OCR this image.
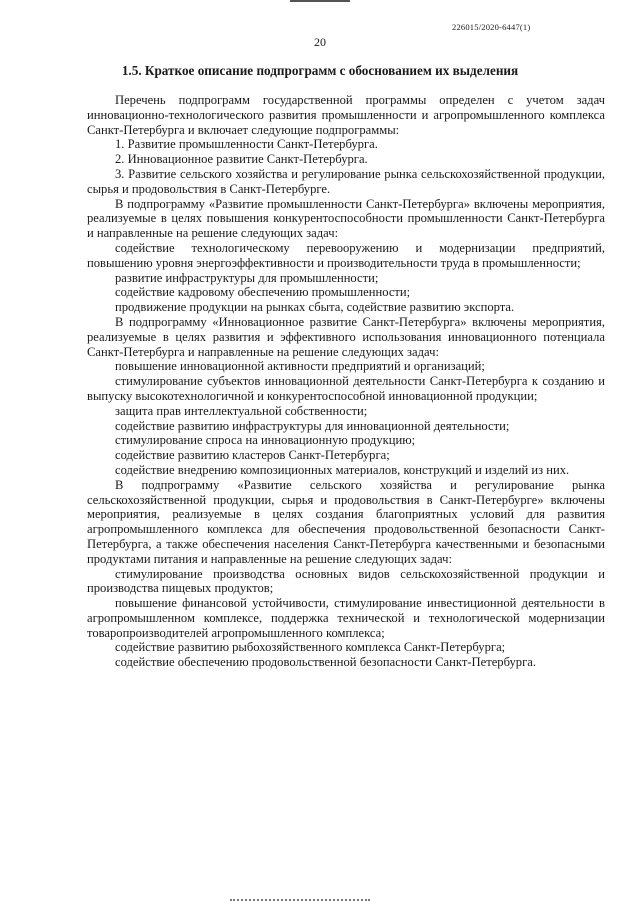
226015/2020-6447(1)
20
1.5. Краткое описание подпрограмм с обоснованием их выделения

Перечень подпрограмм государственной программы определен с учетом задач инновационно-технологического развития промышленности и агропромышленного комплекса Санкт-Петербурга и включает следующие подпрограммы:

1. Развитие промышленности Санкт-Петербурга.

2. Инновационное развитие Санкт-Петербурга.

3. Развитие сельского хозяйства и регулирование рынка сельскохозяйственной продукции, сырья и продовольствия в Санкт-Петербурге.

В подпрограмму «Развитие промышленности Санкт-Петербурга» включены мероприятия, реализуемые в целях повышения конкурентоспособности промышленности Санкт-Петербурга и направленные на решение следующих задач:

содействие технологическому перевооружению и модернизации предприятий, повышению уровня энергоэффективности и производительности труда в промышленности;

развитие инфраструктуры для промышленности;

содействие кадровому обеспечению промышленности;

продвижение продукции на рынках сбыта, содействие развитию экспорта.

В подпрограмму «Инновационное развитие Санкт-Петербурга» включены мероприятия, реализуемые в целях развития и эффективного использования инновационного потенциала Санкт-Петербурга и направленные на решение следующих задач:

повышение инновационной активности предприятий и организаций;

стимулирование субъектов инновационной деятельности Санкт-Петербурга к созданию и выпуску высокотехнологичной и конкурентоспособной инновационной продукции;

защита прав интеллектуальной собственности;

содействие развитию инфраструктуры для инновационной деятельности;

стимулирование спроса на инновационную продукцию;

содействие развитию кластеров Санкт-Петербурга;

содействие внедрению композиционных материалов, конструкций и изделий из них.

В подпрограмму «Развитие сельского хозяйства и регулирование рынка сельскохозяйственной продукции, сырья и продовольствия в Санкт-Петербурге» включены мероприятия, реализуемые в целях создания благоприятных условий для развития агропромышленного комплекса для обеспечения продовольственной безопасности Санкт-Петербурга, а также обеспечения населения Санкт-Петербурга качественными и безопасными продуктами питания и направленные на решение следующих задач:

стимулирование производства основных видов сельскохозяйственной продукции и производства пищевых продуктов;

повышение финансовой устойчивости, стимулирование инвестиционной деятельности в агропромышленном комплексе, поддержка технической и технологической модернизации товаропроизводителей агропромышленного комплекса;

содействие развитию рыбохозяйственного комплекса Санкт-Петербурга;

содействие обеспечению продовольственной безопасности Санкт-Петербурга.
